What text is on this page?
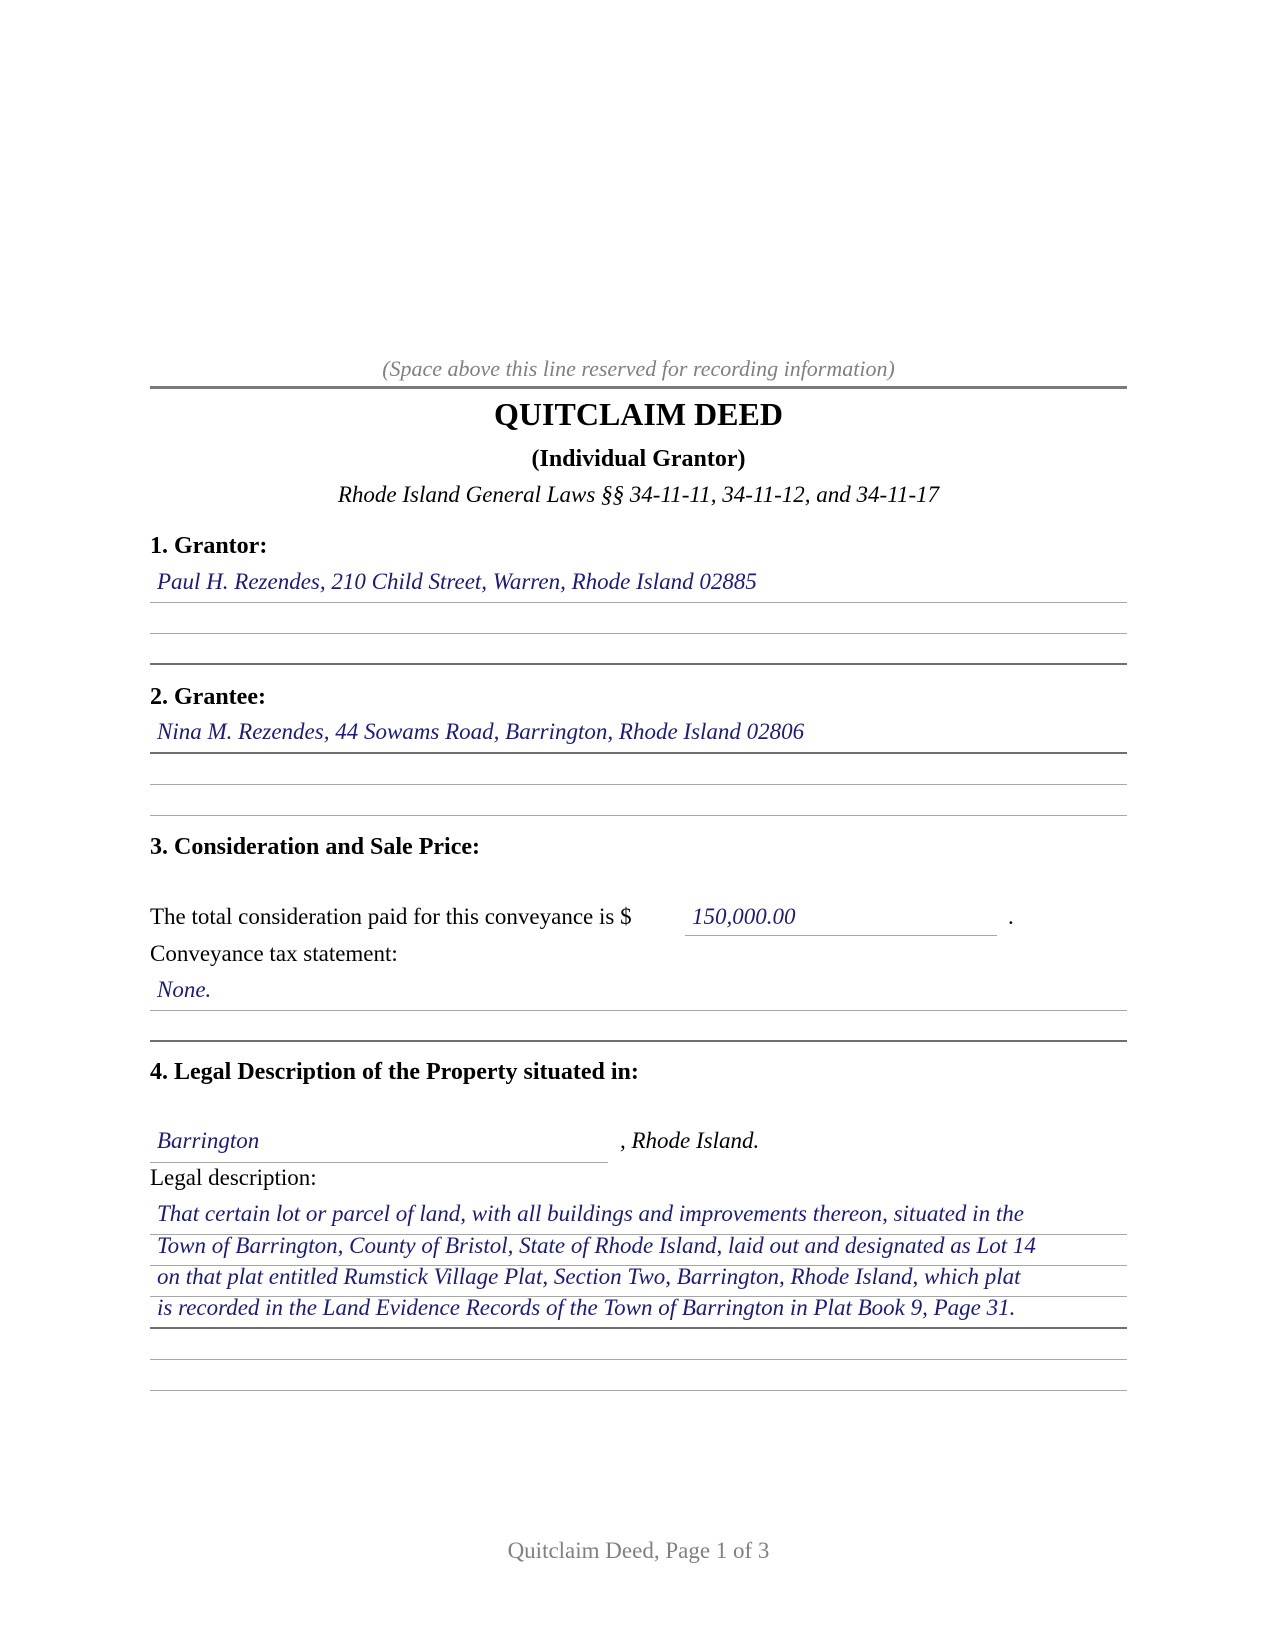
(Space above this line reserved for recording information)
QUITCLAIM DEED
(Individual Grantor)
Rhode Island General Laws §§ 34-11-11, 34-11-12, and 34-11-17
1. Grantor:
Paul H. Rezendes, 210 Child Street, Warren, Rhode Island 02885
2. Grantee:
Nina M. Rezendes, 44 Sowams Road, Barrington, Rhode Island 02806
3. Consideration and Sale Price:
The total consideration paid for this conveyance is $	150,000.00	.
Conveyance tax statement:
None.
4. Legal Description of the Property situated in:
Barrington	, Rhode Island.
Legal description:
That certain lot or parcel of land, with all buildings and improvements thereon, situated in the
Town of Barrington, County of Bristol, State of Rhode Island, laid out and designated as Lot 14
on that plat entitled Rumstick Village Plat, Section Two, Barrington, Rhode Island, which plat
is recorded in the Land Evidence Records of the Town of Barrington in Plat Book 9, Page 31.
Quitclaim Deed, Page 1 of 3
